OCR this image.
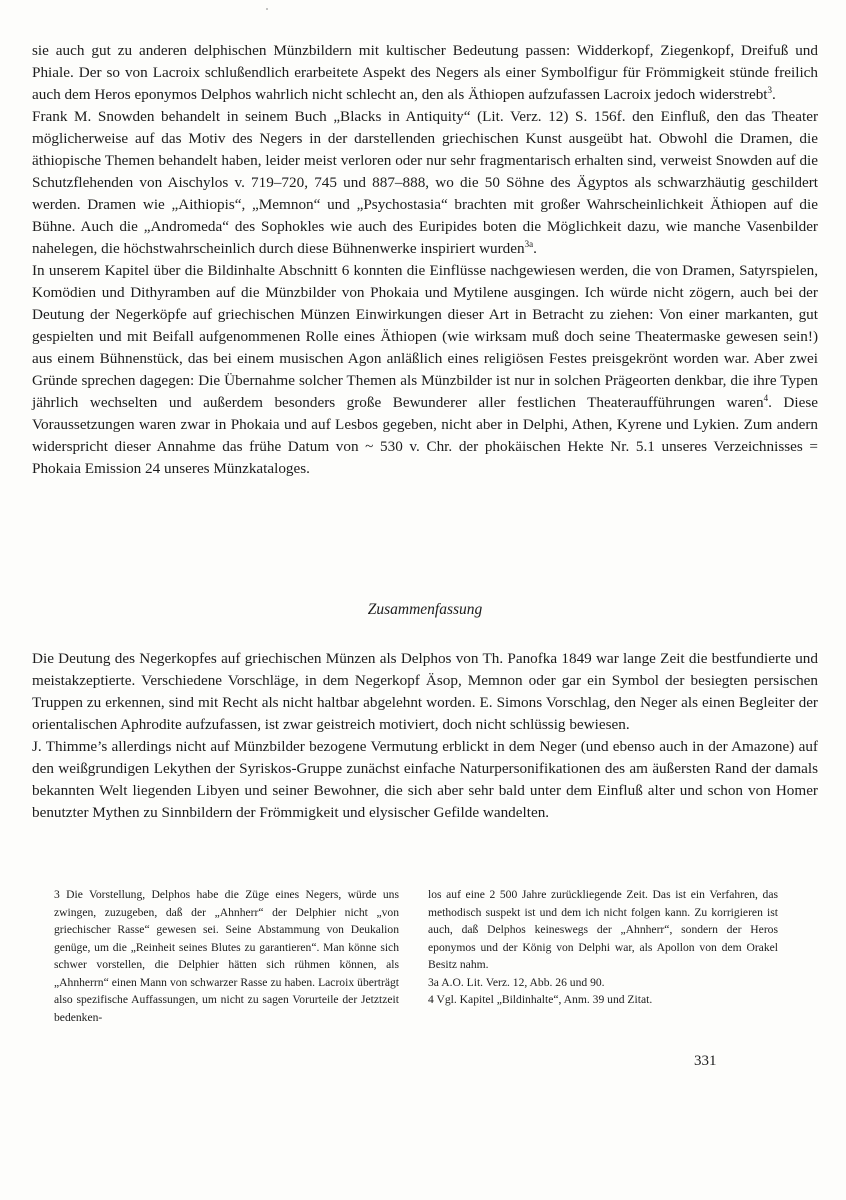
sie auch gut zu anderen delphischen Münzbildern mit kultischer Bedeutung passen: Widderkopf, Ziegenkopf, Dreifuß und Phiale. Der so von Lacroix schlußendlich erarbeitete Aspekt des Negers als einer Symbolfigur für Frömmigkeit stünde freilich auch dem Heros eponymos Delphos wahrlich nicht schlecht an, den als Äthiopen aufzufassen Lacroix jedoch widerstrebt$^3$.

Frank M. Snowden behandelt in seinem Buch „Blacks in Antiquity“ (Lit. Verz. 12) S. 156f. den Einfluß, den das Theater möglicherweise auf das Motiv des Negers in der darstellenden griechischen Kunst ausgeübt hat. Obwohl die Dramen, die äthiopische Themen behandelt haben, leider meist verloren oder nur sehr fragmentarisch erhalten sind, verweist Snowden auf die Schutzflehenden von Aischylos v. 719–720, 745 und 887–888, wo die 50 Söhne des Ägyptos als schwarzhäutig geschildert werden. Dramen wie „Aithiopis“, „Memnon“ und „Psychostasia“ brachten mit großer Wahrscheinlichkeit Äthiopen auf die Bühne. Auch die „Andromeda“ des Sophokles wie auch des Euripides boten die Möglichkeit dazu, wie manche Vasenbilder nahelegen, die höchstwahrscheinlich durch diese Bühnenwerke inspiriert wurden$^{3a}$.

In unserem Kapitel über die Bildinhalte Abschnitt 6 konnten die Einflüsse nachgewiesen werden, die von Dramen, Satyrspielen, Komödien und Dithyramben auf die Münzbilder von Phokaia und Mytilene ausgingen. Ich würde nicht zögern, auch bei der Deutung der Negerköpfe auf griechischen Münzen Einwirkungen dieser Art in Betracht zu ziehen: Von einer markanten, gut gespielten und mit Beifall aufgenommenen Rolle eines Äthiopen (wie wirksam muß doch seine Theatermaske gewesen sein!) aus einem Bühnenstück, das bei einem musischen Agon anläßlich eines religiösen Festes preisgekrönt worden war. Aber zwei Gründe sprechen dagegen: Die Übernahme solcher Themen als Münzbilder ist nur in solchen Prägeorten denkbar, die ihre Typen jährlich wechselten und außerdem besonders große Bewunderer aller festlichen Theateraufführungen waren$^4$. Diese Voraussetzungen waren zwar in Phokaia und auf Lesbos gegeben, nicht aber in Delphi, Athen, Kyrene und Lykien. Zum andern widerspricht dieser Annahme das frühe Datum von ~ 530 v. Chr. der phokäischen Hekte Nr. 5.1 unseres Verzeichnisses = Phokaia Emission 24 unseres Münzkataloges.

Zusammenfassung

Die Deutung des Negerkopfes auf griechischen Münzen als Delphos von Th. Panofka 1849 war lange Zeit die bestfundierte und meistakzeptierte. Verschiedene Vorschläge, in dem Negerkopf Äsop, Memnon oder gar ein Symbol der besiegten persischen Truppen zu erkennen, sind mit Recht als nicht haltbar abgelehnt worden. E. Simons Vorschlag, den Neger als einen Begleiter der orientalischen Aphrodite aufzufassen, ist zwar geistreich motiviert, doch nicht schlüssig bewiesen.

J. Thimme’s allerdings nicht auf Münzbilder bezogene Vermutung erblickt in dem Neger (und ebenso auch in der Amazone) auf den weißgrundigen Lekythen der Syriskos-Gruppe zunächst einfache Naturpersonifikationen des am äußersten Rand der damals bekannten Welt liegenden Libyen und seiner Bewohner, die sich aber sehr bald unter dem Einfluß alter und schon von Homer benutzter Mythen zu Sinnbildern der Frömmigkeit und elysischer Gefilde wandelten.

3 Die Vorstellung, Delphos habe die Züge eines Negers, würde uns zwingen, zuzugeben, daß der „Ahnherr“ der Delphier nicht „von griechischer Rasse“ gewesen sei. Seine Abstammung von Deukalion genüge, um die „Reinheit seines Blutes zu garantieren“. Man könne sich schwer vorstellen, die Delphier hätten sich rühmen können, als „Ahnherrn“ einen Mann von schwarzer Rasse zu haben. Lacroix überträgt also spezifische Auffassungen, um nicht zu sagen Vorurteile der Jetztzeit bedenken-

los auf eine 2 500 Jahre zurückliegende Zeit. Das ist ein Verfahren, das methodisch suspekt ist und dem ich nicht folgen kann. Zu korrigieren ist auch, daß Delphos keineswegs der „Ahnherr“, sondern der Heros eponymos und der König von Delphi war, als Apollon von dem Orakel Besitz nahm.

3a A.O. Lit. Verz. 12, Abb. 26 und 90.

4 Vgl. Kapitel „Bildinhalte“, Anm. 39 und Zitat.

331
